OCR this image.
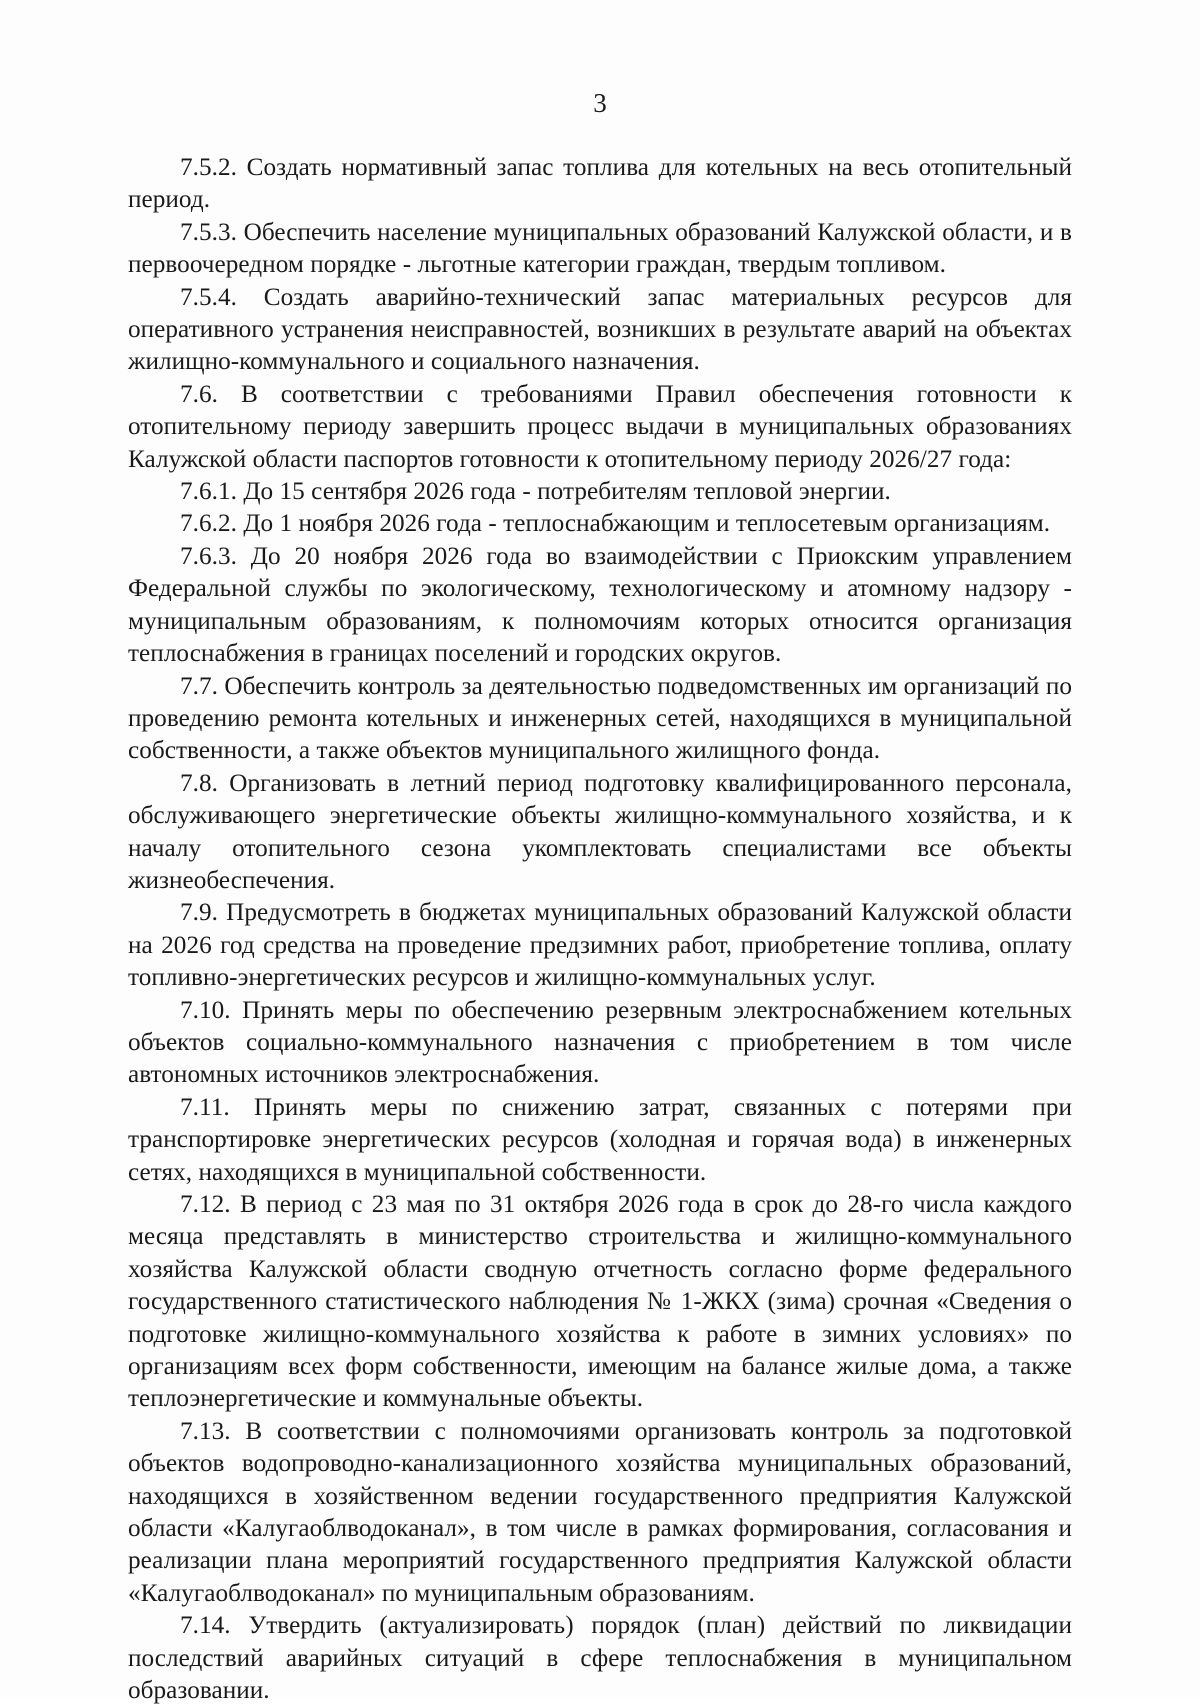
3

7.5.2. Создать нормативный запас топлива для котельных на весь отопительный период.

7.5.3. Обеспечить население муниципальных образований Калужской области, и в первоочередном порядке - льготные категории граждан, твердым топливом.

7.5.4. Создать аварийно-технический запас материальных ресурсов для оперативного устранения неисправностей, возникших в результате аварий на объектах жилищно-коммунального и социального назначения.

7.6. В соответствии с требованиями Правил обеспечения готовности к отопительному периоду завершить процесс выдачи в муниципальных образованиях Калужской области паспортов готовности к отопительному периоду 2026/27 года:

7.6.1. До 15 сентября 2026 года - потребителям тепловой энергии.

7.6.2. До 1 ноября 2026 года - теплоснабжающим и теплосетевым организациям.

7.6.3. До 20 ноября 2026 года во взаимодействии с Приокским управлением Федеральной службы по экологическому, технологическому и атомному надзору - муниципальным образованиям, к полномочиям которых относится организация теплоснабжения в границах поселений и городских округов.

7.7. Обеспечить контроль за деятельностью подведомственных им организаций по проведению ремонта котельных и инженерных сетей, находящихся в муниципальной собственности, а также объектов муниципального жилищного фонда.

7.8. Организовать в летний период подготовку квалифицированного персонала, обслуживающего энергетические объекты жилищно-коммунального хозяйства, и к началу отопительного сезона укомплектовать специалистами все объекты жизнеобеспечения.

7.9. Предусмотреть в бюджетах муниципальных образований Калужской области на 2026 год средства на проведение предзимних работ, приобретение топлива, оплату топливно-энергетических ресурсов и жилищно-коммунальных услуг.

7.10. Принять меры по обеспечению резервным электроснабжением котельных объектов социально-коммунального назначения с приобретением в том числе автономных источников электроснабжения.

7.11. Принять меры по снижению затрат, связанных с потерями при транспортировке энергетических ресурсов (холодная и горячая вода) в инженерных сетях, находящихся в муниципальной собственности.

7.12. В период с 23 мая по 31 октября 2026 года в срок до 28-го числа каждого месяца представлять в министерство строительства и жилищно-коммунального хозяйства Калужской области сводную отчетность согласно форме федерального государственного статистического наблюдения № 1-ЖКХ (зима) срочная «Сведения о подготовке жилищно-коммунального хозяйства к работе в зимних условиях» по организациям всех форм собственности, имеющим на балансе жилые дома, а также теплоэнергетические и коммунальные объекты.

7.13. В соответствии с полномочиями организовать контроль за подготовкой объектов водопроводно-канализационного хозяйства муниципальных образований, находящихся в хозяйственном ведении государственного предприятия Калужской области «Калугаоблводоканал», в том числе в рамках формирования, согласования и реализации плана мероприятий государственного предприятия Калужской области «Калугаоблводоканал» по муниципальным образованиям.

7.14. Утвердить (актуализировать) порядок (план) действий по ликвидации последствий аварийных ситуаций в сфере теплоснабжения в муниципальном образовании.
